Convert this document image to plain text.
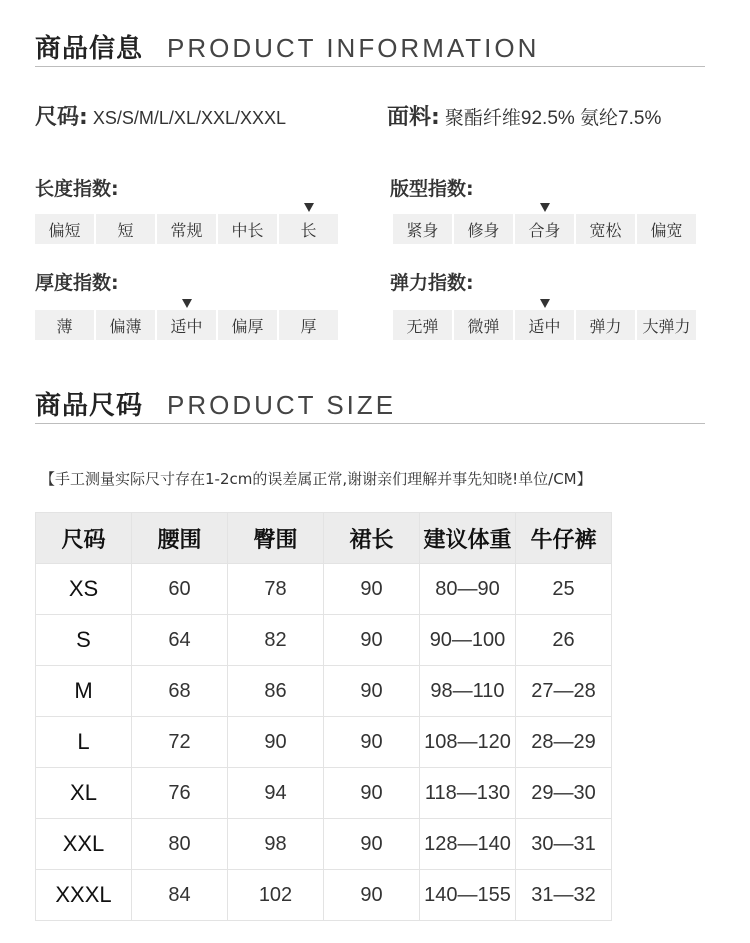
商品信息 PRODUCT INFORMATION
尺码: XS/S/M/L/XL/XXL/XXXL	面料: 聚酯纤维92.5% 氨纶7.5%
长度指数:
偏短	短	常规	中长	长
版型指数:
紧身	修身	合身	宽松	偏宽
厚度指数:
薄	偏薄	适中	偏厚	厚
弹力指数:
无弹	微弹	适中	弹力	大弹力
商品尺码 PRODUCT SIZE
【手工测量实际尺寸存在1-2cm的误差属正常,谢谢亲们理解并事先知晓!单位/CM】
尺码	腰围	臀围	裙长	建议体重	牛仔裤
XS	60	78	90	80—90	25
S	64	82	90	90—100	26
M	68	86	90	98—110	27—28
L	72	90	90	108—120	28—29
XL	76	94	90	118—130	29—30
XXL	80	98	90	128—140	30—31
XXXL	84	102	90	140—155	31—32
